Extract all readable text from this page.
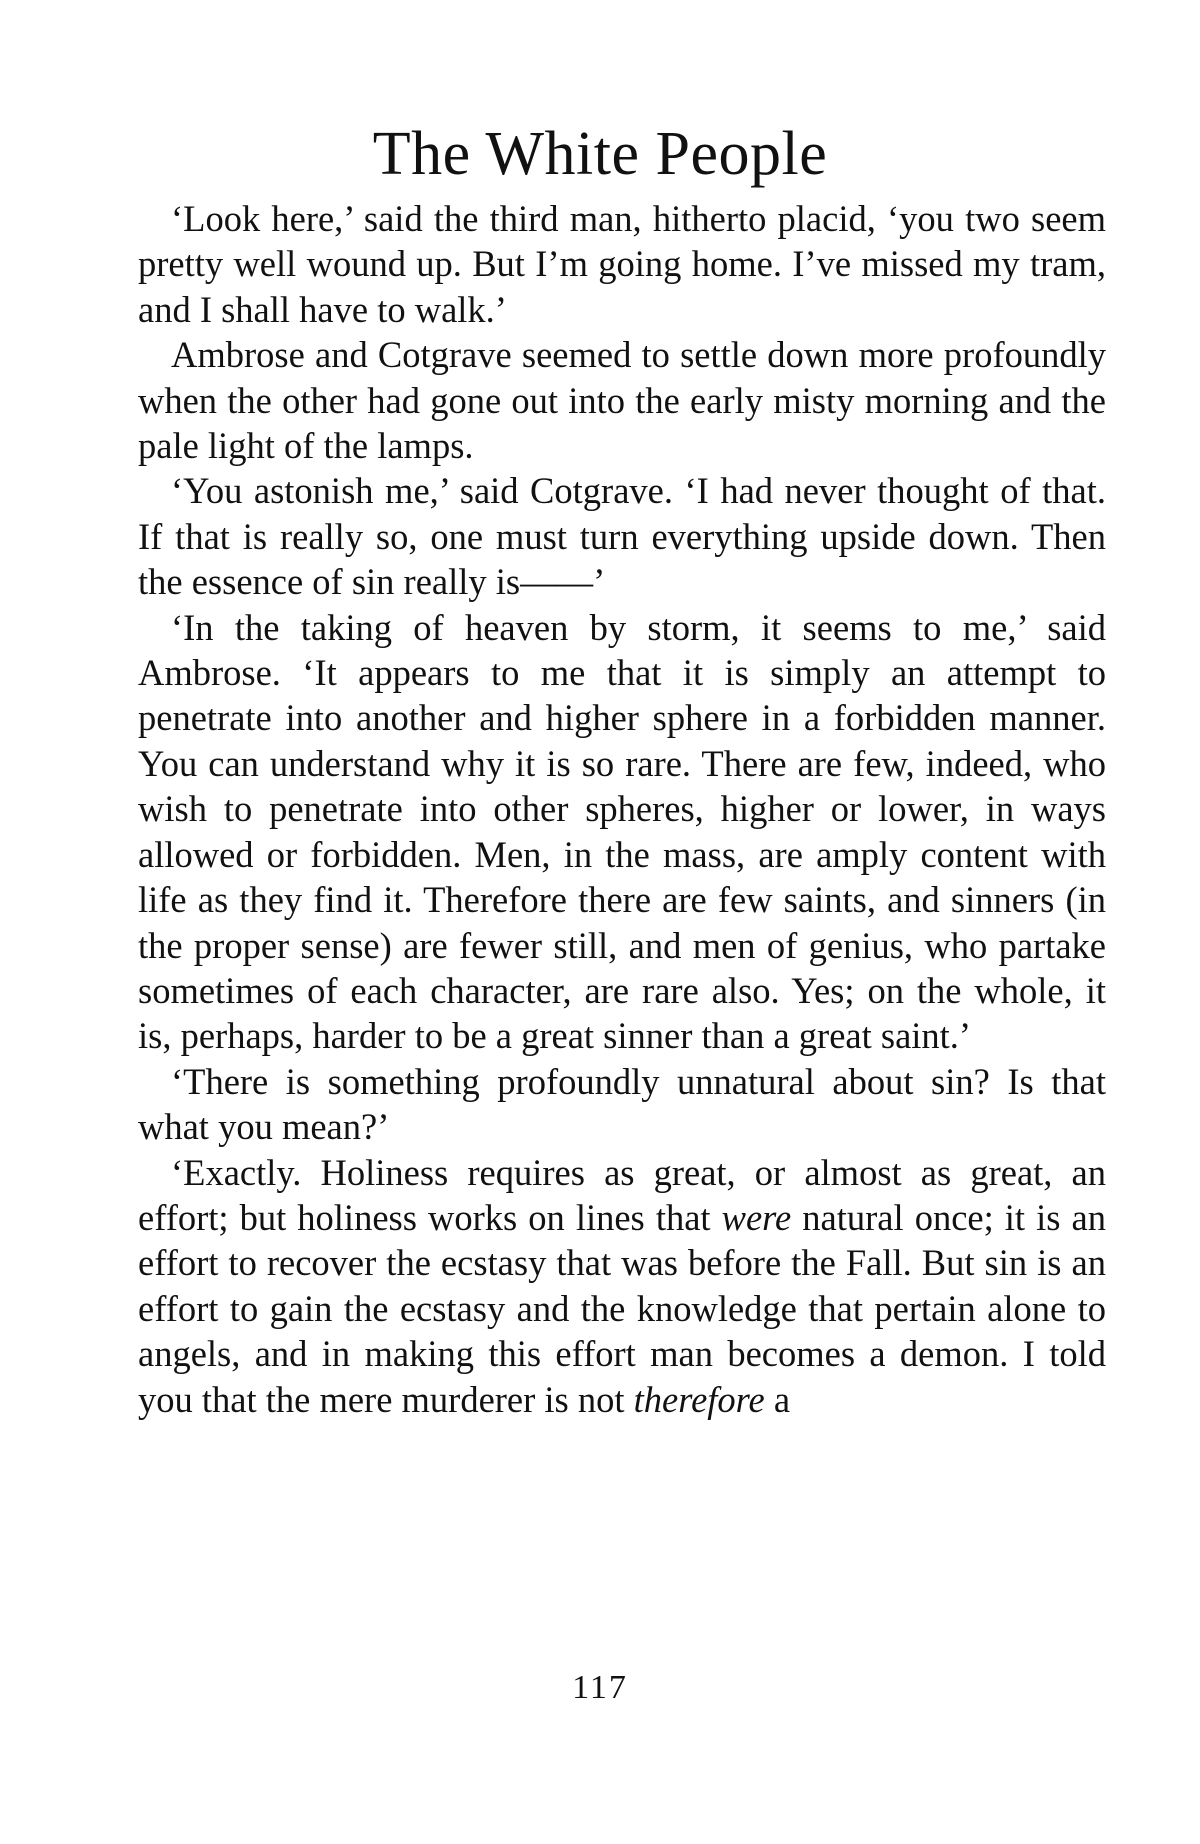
The White People

‘Look here,’ said the third man, hitherto placid, ‘you two seem pretty well wound up. But I’m going home. I’ve missed my tram, and I shall have to walk.’

Ambrose and Cotgrave seemed to settle down more profoundly when the other had gone out into the early misty morning and the pale light of the lamps.

‘You astonish me,’ said Cotgrave. ‘I had never thought of that. If that is really so, one must turn everything upside down. Then the essence of sin really is——’

‘In the taking of heaven by storm, it seems to me,’ said Ambrose. ‘It appears to me that it is simply an attempt to penetrate into another and higher sphere in a forbidden manner. You can understand why it is so rare. There are few, indeed, who wish to penetrate into other spheres, higher or lower, in ways allowed or forbidden. Men, in the mass, are amply content with life as they find it. Therefore there are few saints, and sinners (in the proper sense) are fewer still, and men of genius, who partake sometimes of each character, are rare also. Yes; on the whole, it is, perhaps, harder to be a great sinner than a great saint.’

‘There is something profoundly unnatural about sin? Is that what you mean?’

‘Exactly. Holiness requires as great, or almost as great, an effort; but holiness works on lines that were natural once; it is an effort to recover the ecstasy that was before the Fall. But sin is an effort to gain the ecstasy and the knowledge that pertain alone to angels, and in making this effort man becomes a demon. I told you that the mere murderer is not therefore a

117
